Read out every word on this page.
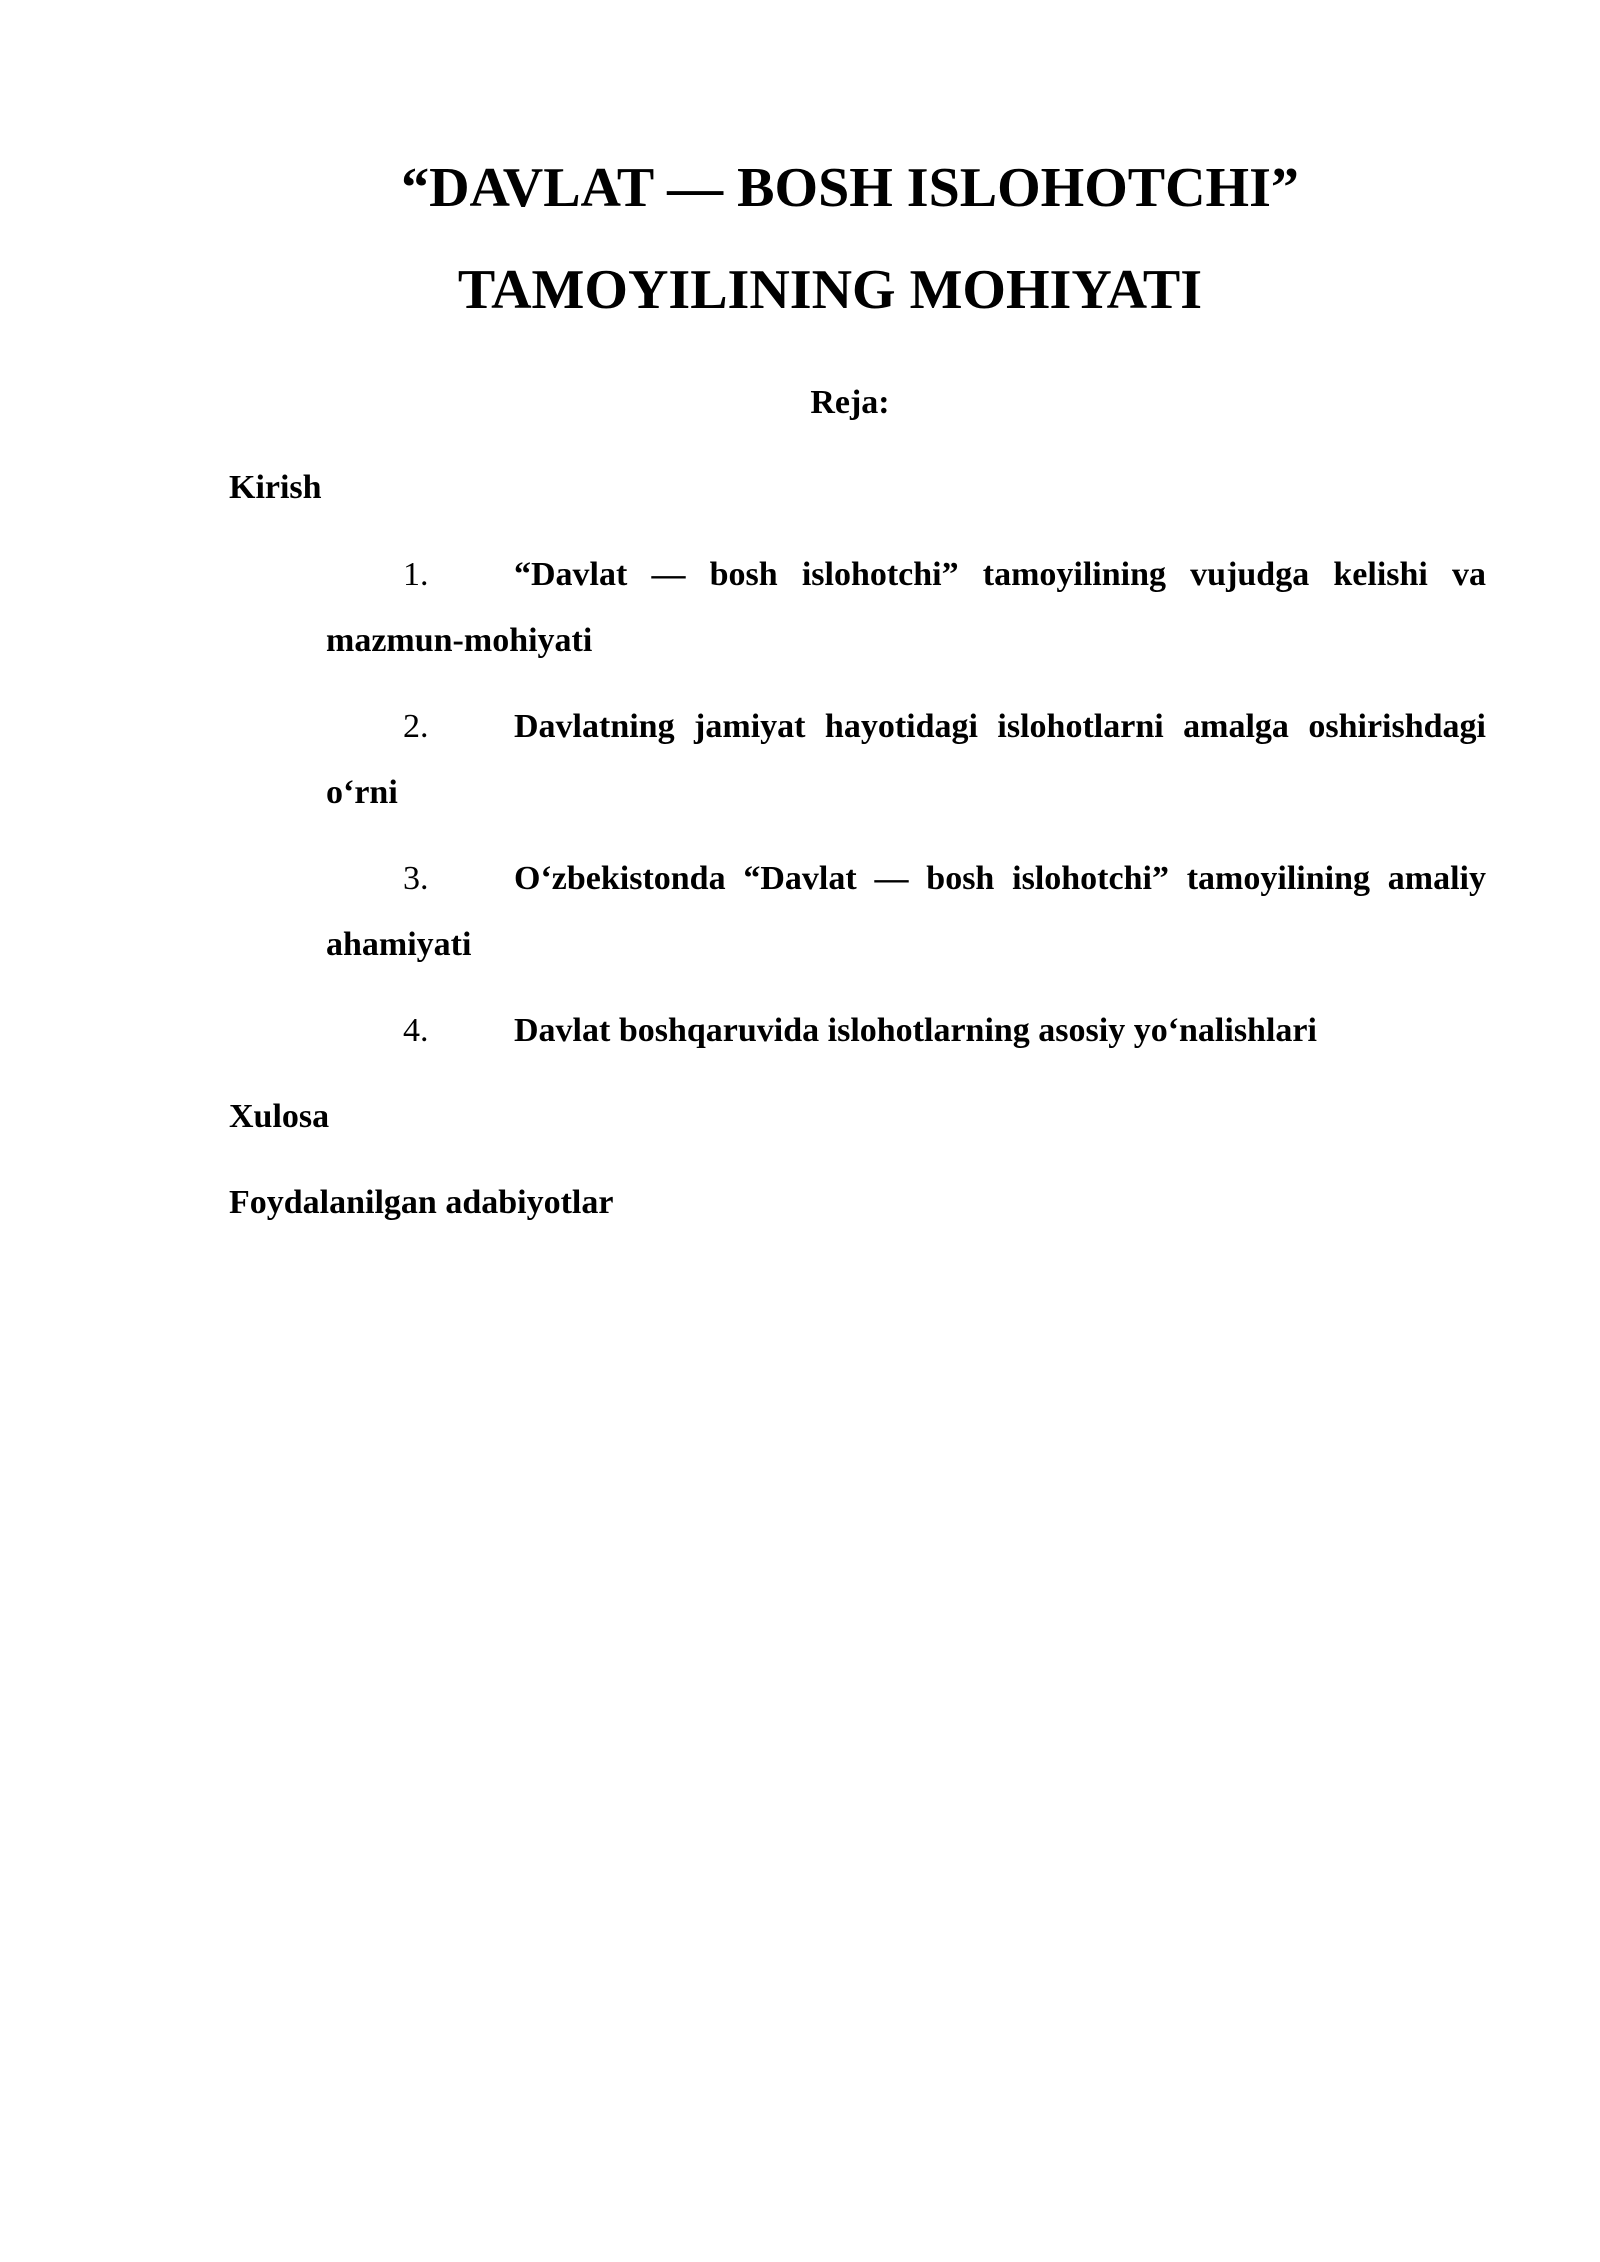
“DAVLAT — BOSH ISLOHOTCHI”
TAMOYILINING MOHIYATI
Reja:
Kirish
1.	“Davlat — bosh islohotchi” tamoyilining vujudga kelishi va mazmun-mohiyati
2.	Davlatning jamiyat hayotidagi islohotlarni amalga oshirishdagi o‘rni
3.	O‘zbekistonda “Davlat — bosh islohotchi” tamoyilining amaliy ahamiyati
4.	Davlat boshqaruvida islohotlarning asosiy yo‘nalishlari
Xulosa
Foydalanilgan adabiyotlar
